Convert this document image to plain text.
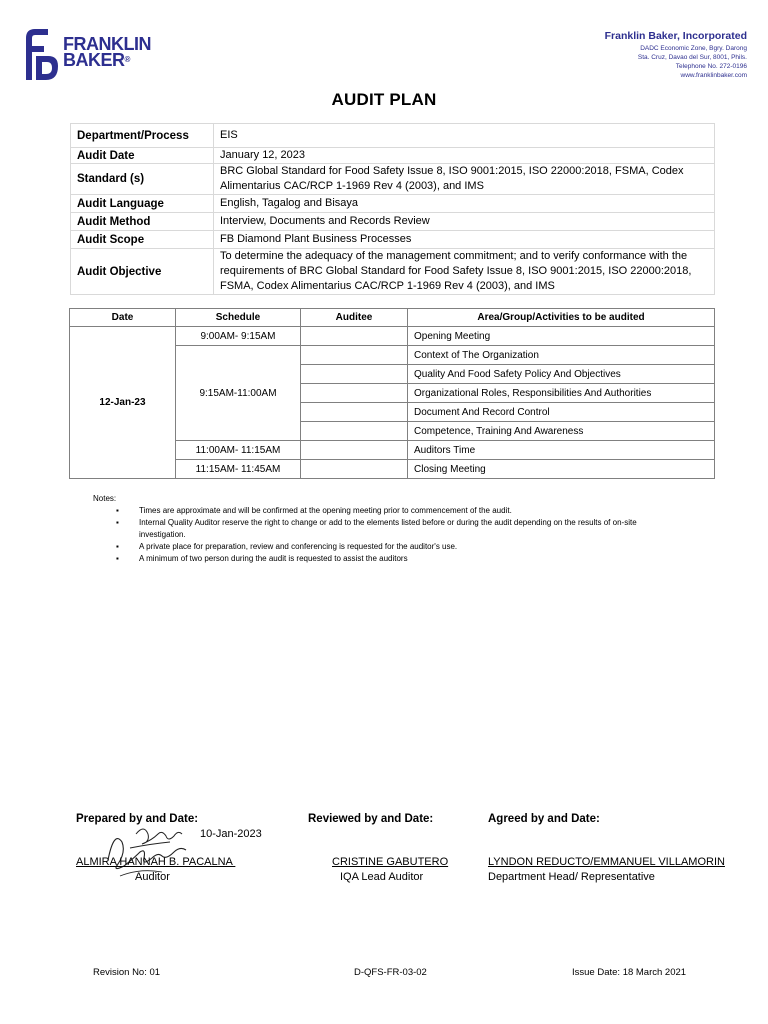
FRANKLIN
BAKER®
Franklin Baker, Incorporated
DADC Economic Zone, Bgry. Darong
Sta. Cruz, Davao del Sur, 8001, Phils.
Telephone No. 272-0196
www.franklinbaker.com
AUDIT PLAN
Department/Process	EIS
Audit Date	January 12, 2023
Standard (s)	BRC Global Standard for Food Safety Issue 8, ISO 9001:2015, ISO 22000:2018, FSMA, Codex Alimentarius CAC/RCP 1-1969 Rev 4 (2003), and IMS
Audit Language	English, Tagalog and Bisaya
Audit Method	Interview, Documents and Records Review
Audit Scope	FB Diamond Plant Business Processes
Audit Objective	To determine the adequacy of the management commitment; and to verify conformance with the requirements of BRC Global Standard for Food Safety Issue 8, ISO 9001:2015, ISO 22000:2018, FSMA, Codex Alimentarius CAC/RCP 1-1969 Rev 4 (2003), and IMS
Date	Schedule	Auditee	Area/Group/Activities to be audited
12-Jan-23	9:00AM- 9:15AM		Opening Meeting
	9:15AM-11:00AM		Context of The Organization
			Quality And Food Safety Policy And Objectives
			Organizational Roles, Responsibilities And Authorities
			Document And Record Control
			Competence, Training And Awareness
	11:00AM- 11:15AM		Auditors Time
	11:15AM- 11:45AM		Closing Meeting
Notes:
▪ Times are approximate and will be confirmed at the opening meeting prior to commencement of the audit.
▪ Internal Quality Auditor reserve the right to change or add to the elements listed before or during the audit depending on the results of on-site investigation.
▪ A private place for preparation, review and conferencing is requested for the auditor's use.
▪ A minimum of two person during the audit is requested to assist the auditors
Prepared by and Date:	Reviewed by and Date:	Agreed by and Date:
10-Jan-2023
ALMIRA HANNAH B. PACALNA
Auditor
CRISTINE GABUTERO
IQA Lead Auditor
LYNDON REDUCTO/EMMANUEL VILLAMORIN
Department Head/ Representative
Revision No: 01	D-QFS-FR-03-02	Issue Date: 18 March 2021
